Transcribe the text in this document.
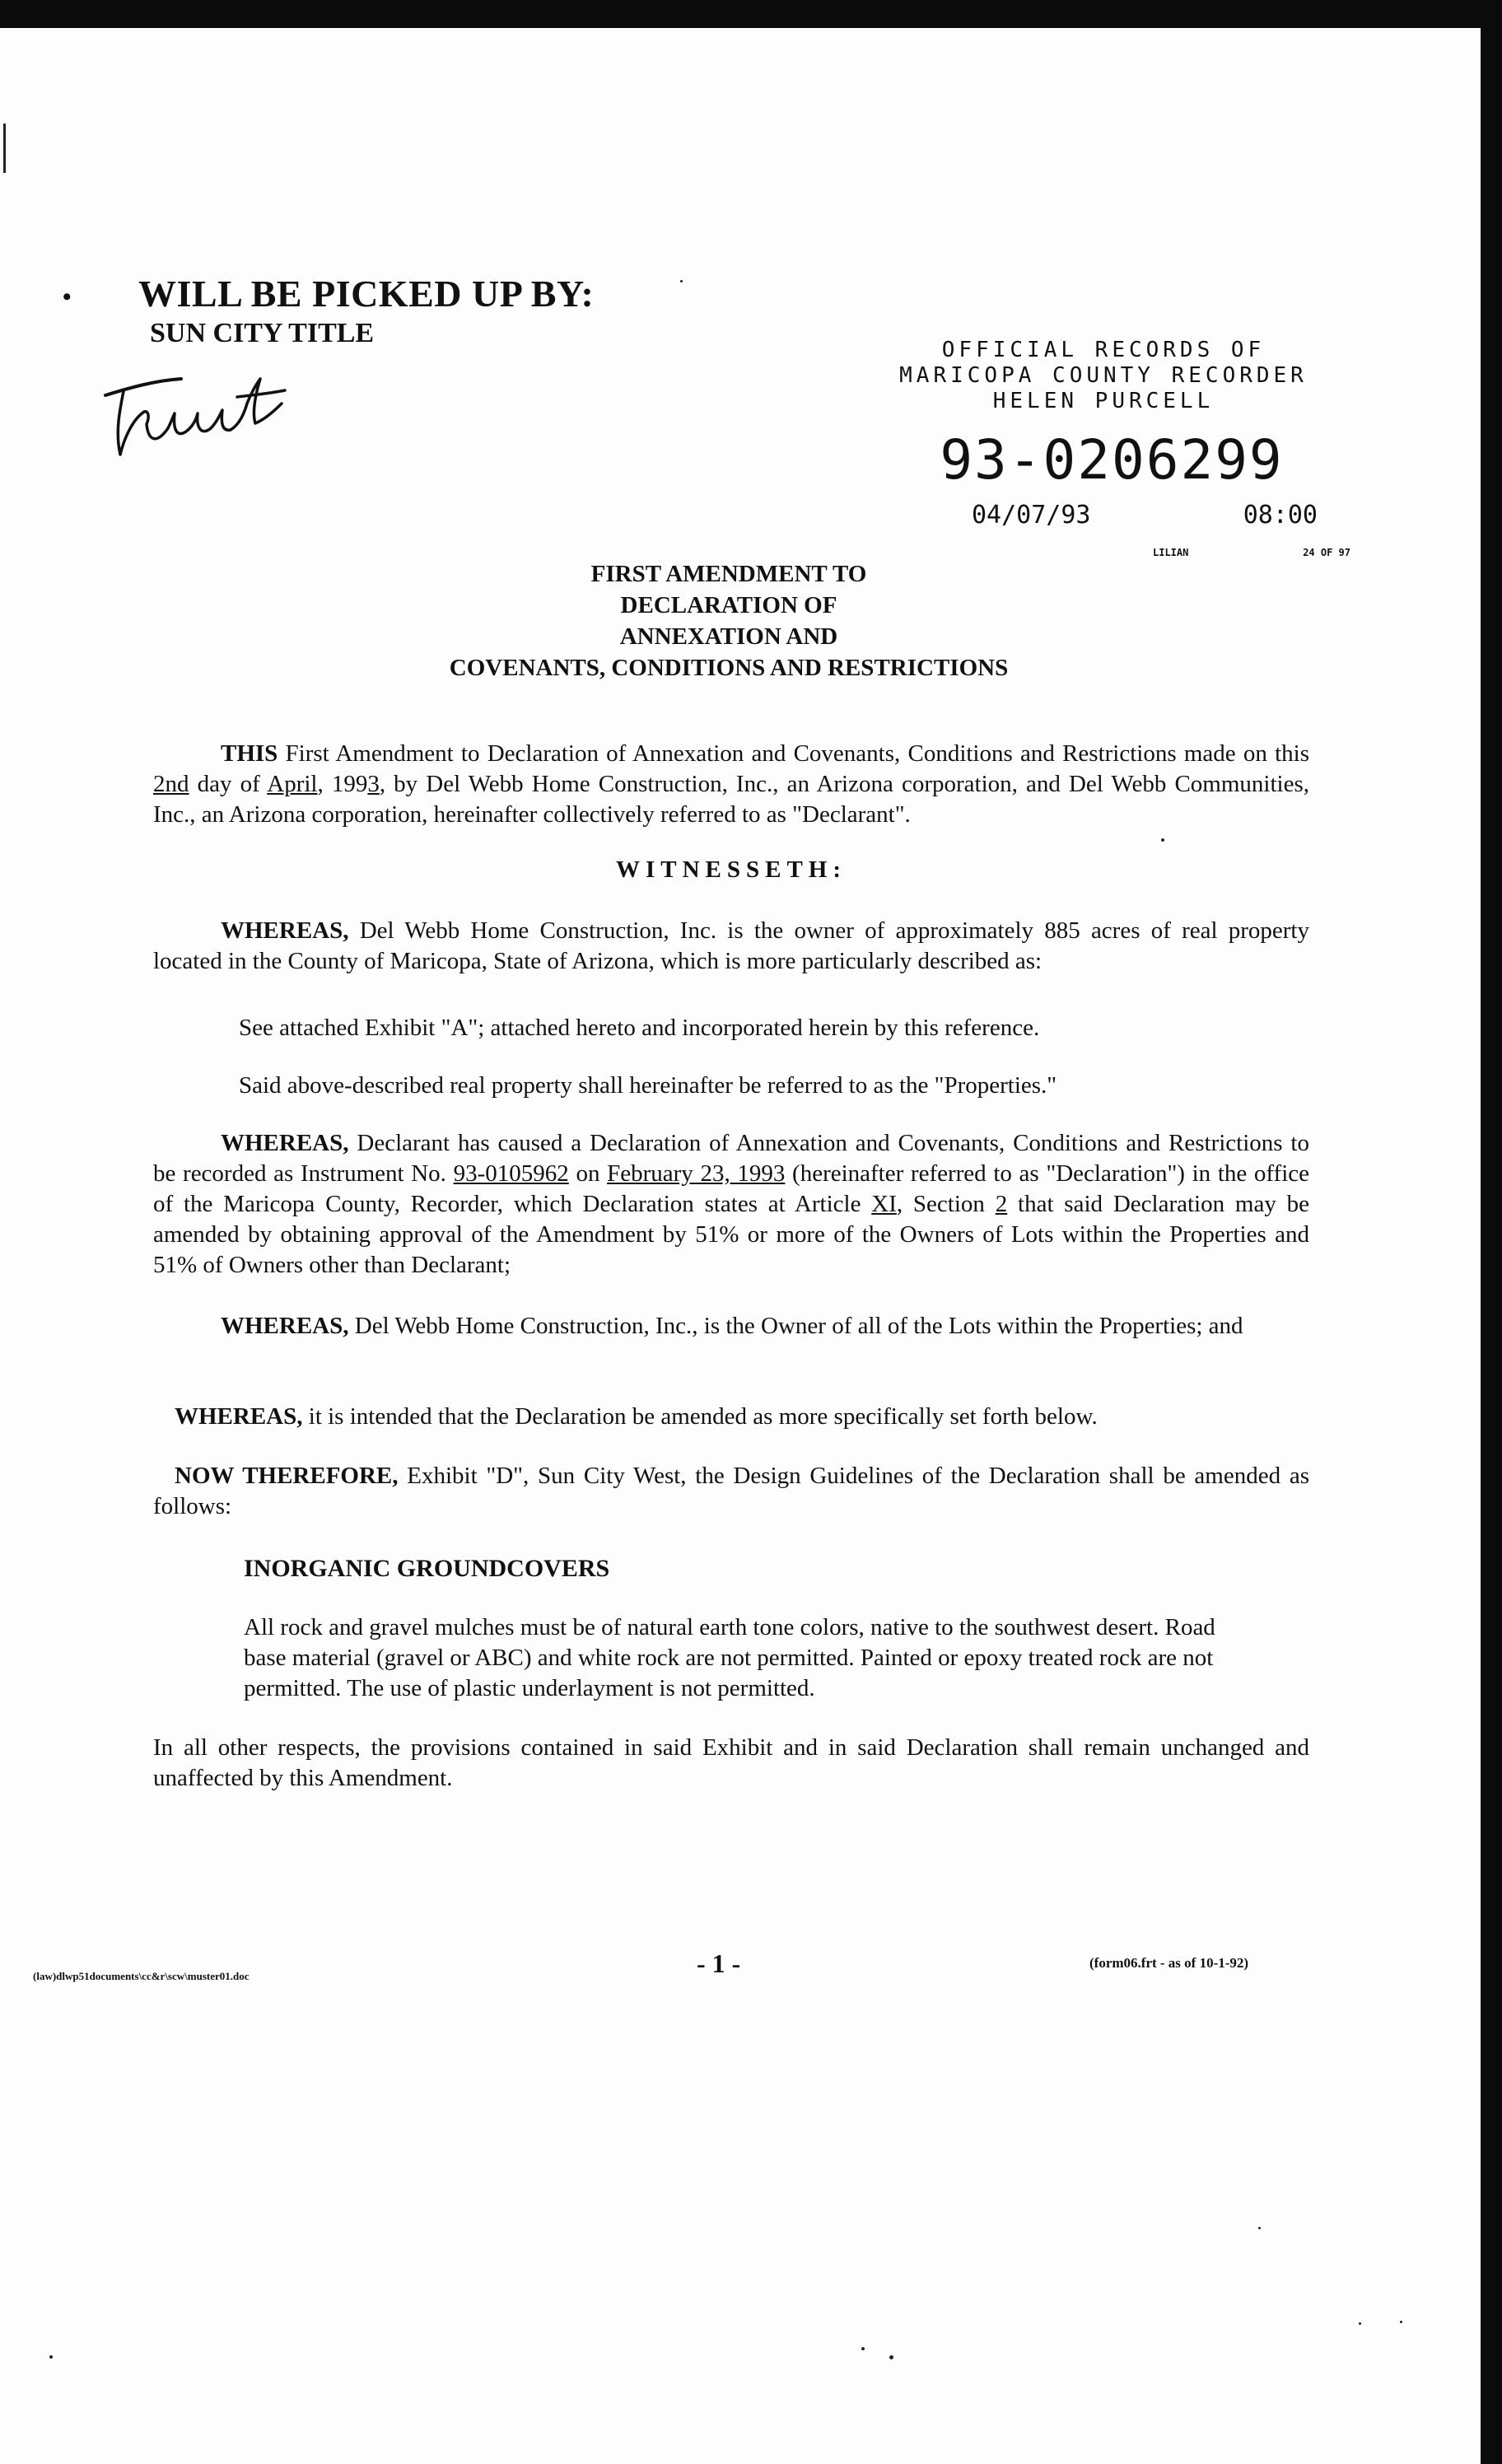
• WILL BE PICKED UP BY:
SUN CITY TITLE
OFFICIAL RECORDS OF
MARICOPA COUNTY RECORDER
HELEN PURCELL
93-0206299
04/07/93	08:00
LILIAN	24 OF 97
FIRST AMENDMENT TO
DECLARATION OF
ANNEXATION AND
COVENANTS, CONDITIONS AND RESTRICTIONS
THIS First Amendment to Declaration of Annexation and Covenants, Conditions and Restrictions made on this 2nd day of April, 1993, by Del Webb Home Construction, Inc., an Arizona corporation, and Del Webb Communities, Inc., an Arizona corporation, hereinafter collectively referred to as "Declarant".
WITNESSETH:
WHEREAS, Del Webb Home Construction, Inc. is the owner of approximately 885 acres of real property located in the County of Maricopa, State of Arizona, which is more particularly described as:
See attached Exhibit "A"; attached hereto and incorporated herein by this reference.
Said above-described real property shall hereinafter be referred to as the "Properties."
WHEREAS, Declarant has caused a Declaration of Annexation and Covenants, Conditions and Restrictions to be recorded as Instrument No. 93-0105962 on February 23, 1993 (hereinafter referred to as "Declaration") in the office of the Maricopa County, Recorder, which Declaration states at Article XI, Section 2 that said Declaration may be amended by obtaining approval of the Amendment by 51% or more of the Owners of Lots within the Properties and 51% of Owners other than Declarant;
WHEREAS, Del Webb Home Construction, Inc., is the Owner of all of the Lots within the Properties; and
WHEREAS, it is intended that the Declaration be amended as more specifically set forth below.
NOW THEREFORE, Exhibit "D", Sun City West, the Design Guidelines of the Declaration shall be amended as follows:
INORGANIC GROUNDCOVERS
All rock and gravel mulches must be of natural earth tone colors, native to the southwest desert. Road base material (gravel or ABC) and white rock are not permitted. Painted or epoxy treated rock are not permitted. The use of plastic underlayment is not permitted.
In all other respects, the provisions contained in said Exhibit and in said Declaration shall remain unchanged and unaffected by this Amendment.
(law)dlwp51documents\cc&r\scw\muster01.doc	- 1 -	(form06.frt - as of 10-1-92)
